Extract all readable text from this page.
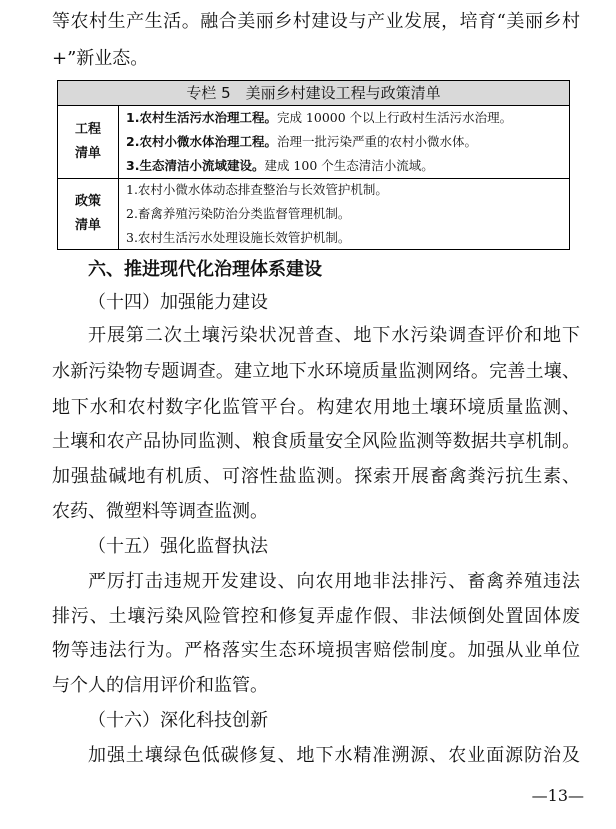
等农村生产生活。融合美丽乡村建设与产业发展，培育“美丽乡村
+”新业态。
专栏 5　美丽乡村建设工程与政策清单
工程
清单
1.农村生活污水治理工程。完成 10000 个以上行政村生活污水治理。
2.农村小微水体治理工程。治理一批污染严重的农村小微水体。
3.生态清洁小流域建设。建成 100 个生态清洁小流域。
政策
清单
1.农村小微水体动态排查整治与长效管护机制。
2.畜禽养殖污染防治分类监督管理机制。
3.农村生活污水处理设施长效管护机制。
六、推进现代化治理体系建设
（十四）加强能力建设
开展第二次土壤污染状况普查、地下水污染调查评价和地下
水新污染物专题调查。建立地下水环境质量监测网络。完善土壤、
地下水和农村数字化监管平台。构建农用地土壤环境质量监测、
土壤和农产品协同监测、粮食质量安全风险监测等数据共享机制。
加强盐碱地有机质、可溶性盐监测。探索开展畜禽粪污抗生素、
农药、微塑料等调查监测。
（十五）强化监督执法
严厉打击违规开发建设、向农用地非法排污、畜禽养殖违法
排污、土壤污染风险管控和修复弄虚作假、非法倾倒处置固体废
物等违法行为。严格落实生态环境损害赔偿制度。加强从业单位
与个人的信用评价和监管。
（十六）深化科技创新
加强土壤绿色低碳修复、地下水精准溯源、农业面源防治及
—13—
